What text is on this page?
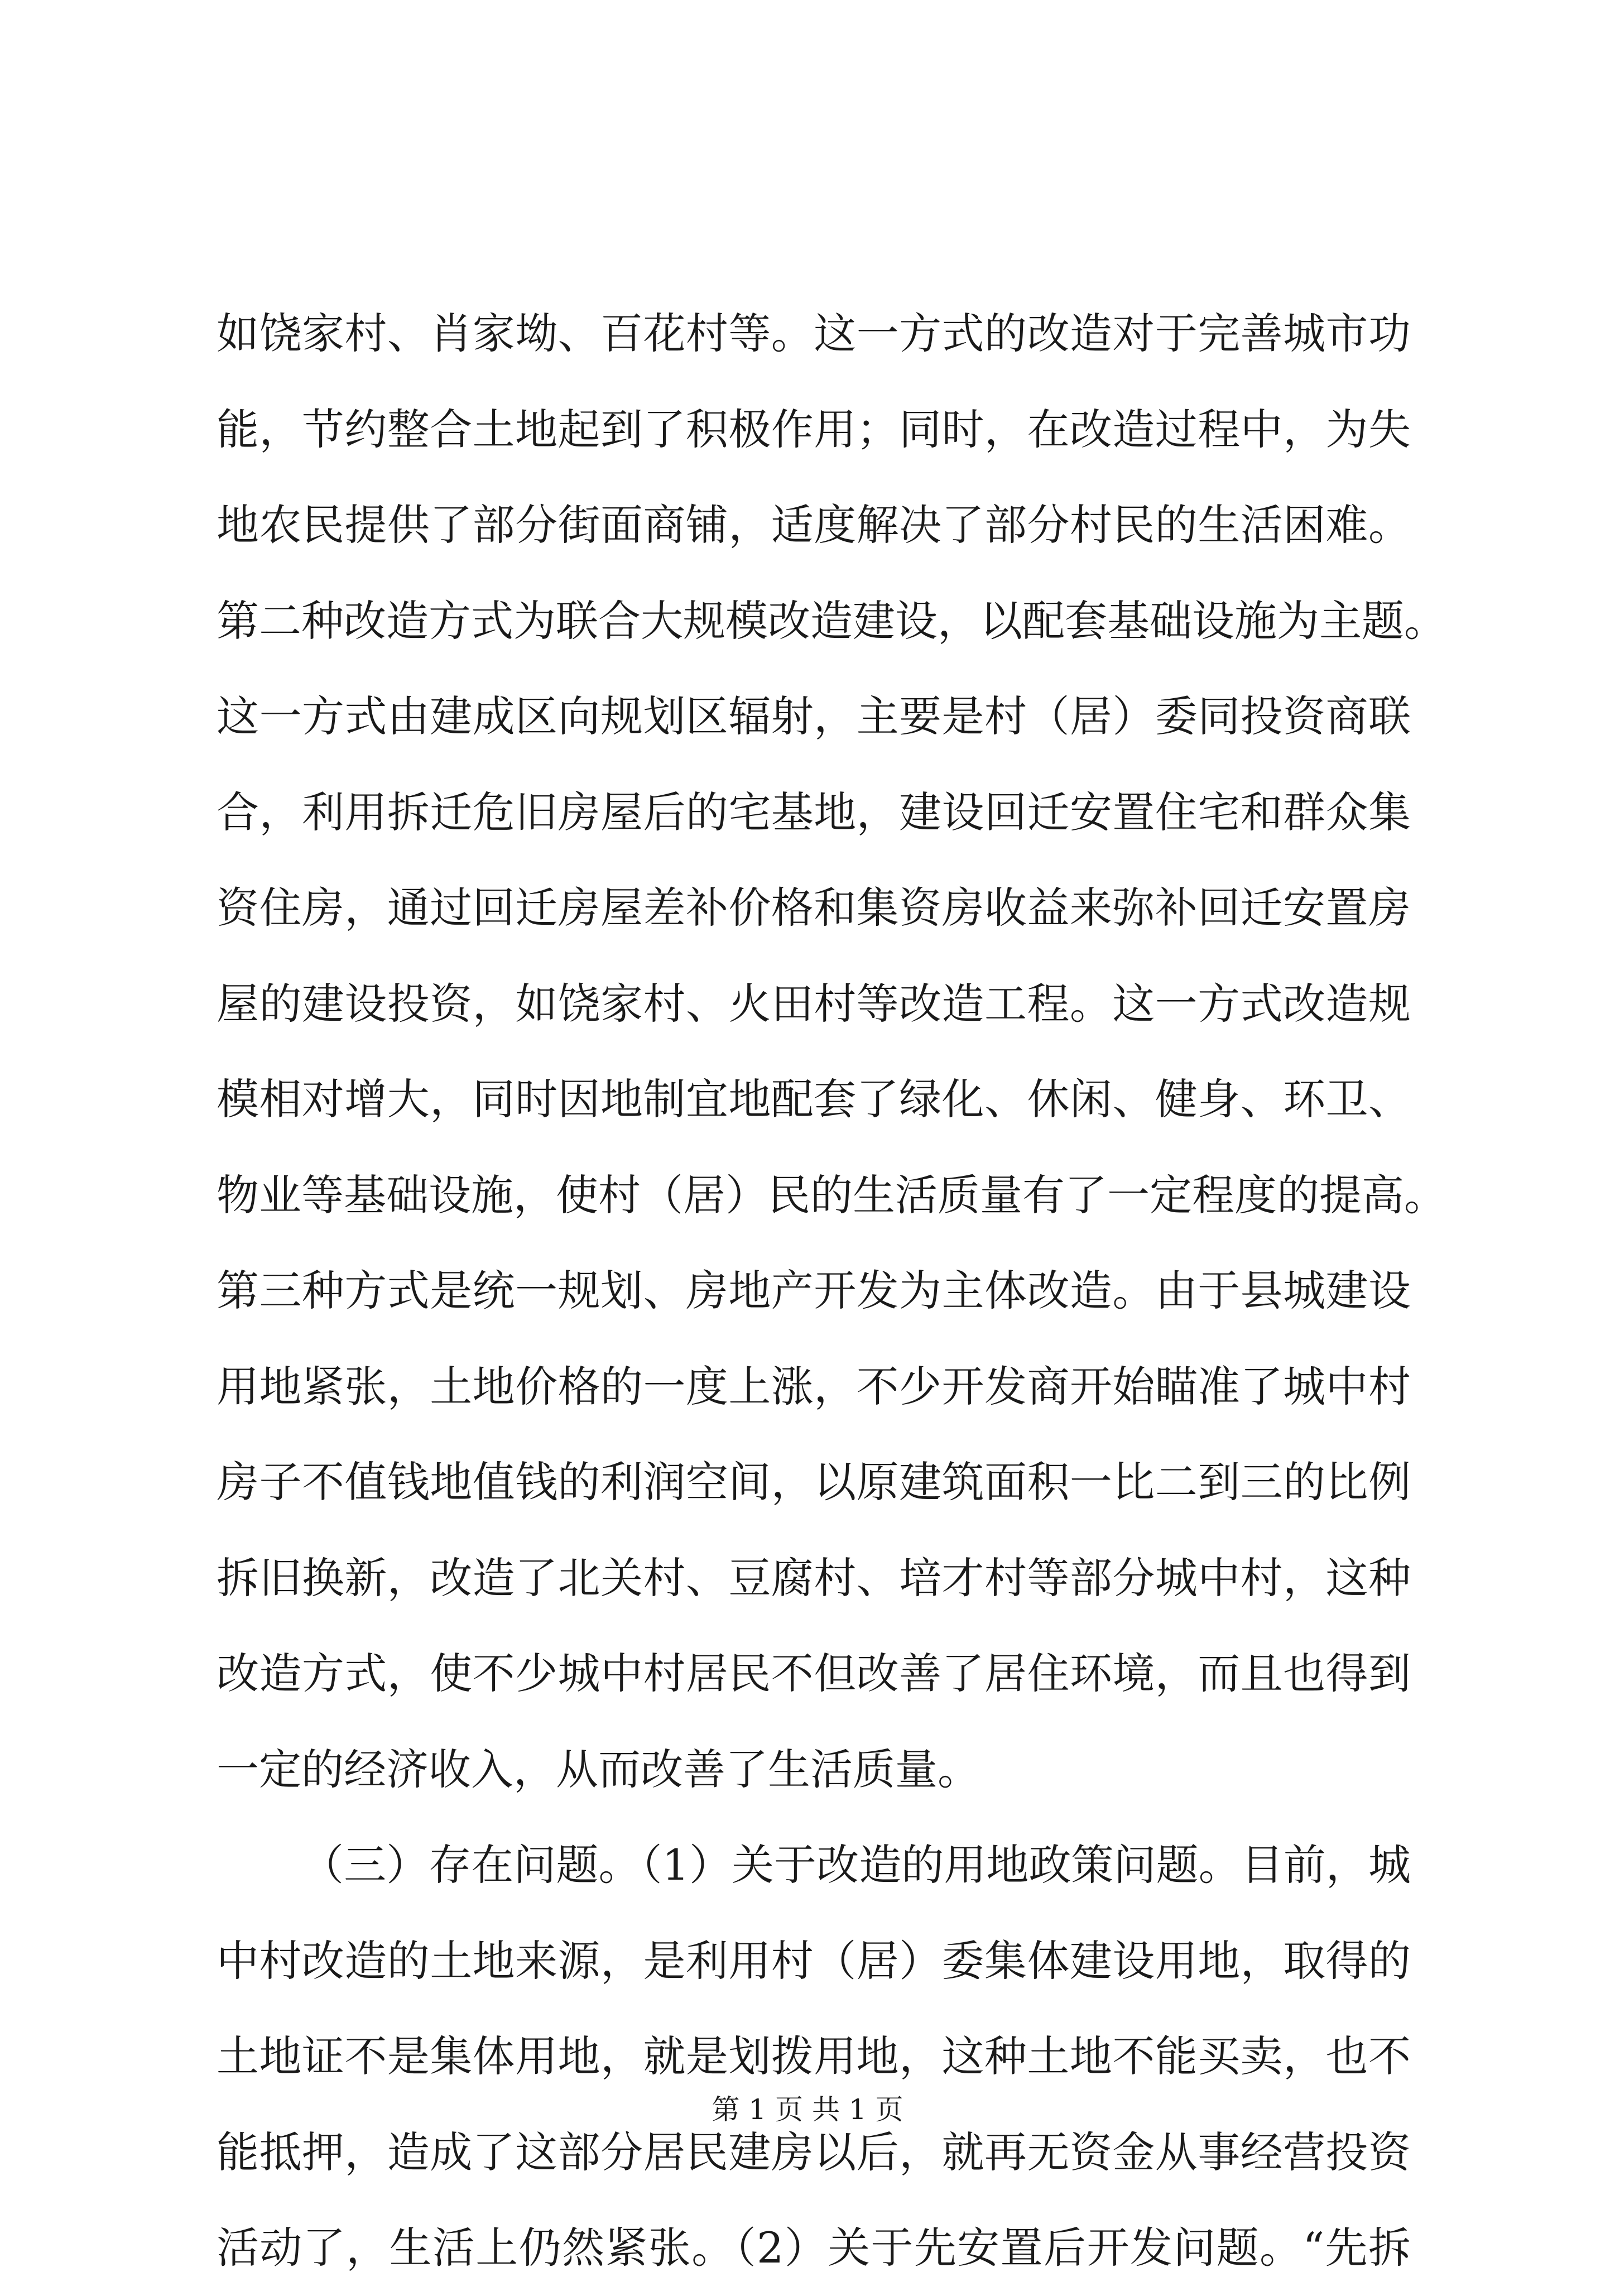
如饶家村、肖家坳、百花村等。这一方式的改造对于完善城市功
能，节约整合土地起到了积极作用；同时，在改造过程中，为失
地农民提供了部分街面商铺，适度解决了部分村民的生活困难。
第二种改造方式为联合大规模改造建设，以配套基础设施为主题。
这一方式由建成区向规划区辐射，主要是村（居）委同投资商联
合，利用拆迁危旧房屋后的宅基地，建设回迁安置住宅和群众集
资住房，通过回迁房屋差补价格和集资房收益来弥补回迁安置房
屋的建设投资，如饶家村、火田村等改造工程。这一方式改造规
模相对增大，同时因地制宜地配套了绿化、休闲、健身、环卫、
物业等基础设施，使村（居）民的生活质量有了一定程度的提高。
第三种方式是统一规划、房地产开发为主体改造。由于县城建设
用地紧张，土地价格的一度上涨，不少开发商开始瞄准了城中村
房子不值钱地值钱的利润空间，以原建筑面积一比二到三的比例
拆旧换新，改造了北关村、豆腐村、培才村等部分城中村，这种
改造方式，使不少城中村居民不但改善了居住环境，而且也得到
一定的经济收入，从而改善了生活质量。
（三）存在问题。（1）关于改造的用地政策问题。目前，城
中村改造的土地来源，是利用村（居）委集体建设用地，取得的
土地证不是集体用地，就是划拨用地，这种土地不能买卖，也不
能抵押，造成了这部分居民建房以后，就再无资金从事经营投资
活动了，生活上仍然紧张。（2）关于先安置后开发问题。“先拆
第 1 页 共 1 页
